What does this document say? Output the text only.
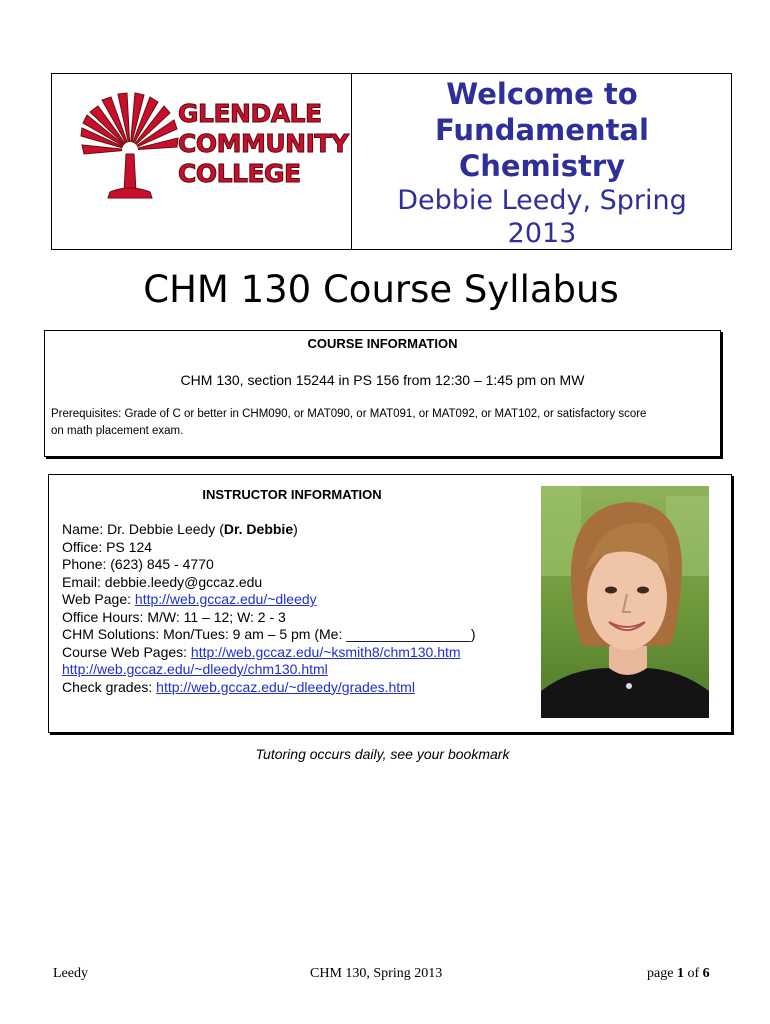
GLENDALE
COMMUNITY
COLLEGE
Welcome to
Fundamental
Chemistry
Debbie Leedy, Spring
2013
CHM 130 Course Syllabus
COURSE INFORMATION
CHM 130, section 15244 in PS 156 from 12:30 – 1:45 pm on MW
Prerequisites: Grade of C or better in CHM090, or MAT090, or MAT091, or MAT092, or MAT102, or satisfactory score
on math placement exam.
INSTRUCTOR INFORMATION
Name: Dr. Debbie Leedy (Dr. Debbie)
Office: PS 124
Phone: (623) 845 - 4770
Email: debbie.leedy@gccaz.edu
Web Page: http://web.gccaz.edu/~dleedy
Office Hours: M/W: 11 – 12; W: 2 - 3
CHM Solutions: Mon/Tues: 9 am – 5 pm (Me: ________________)
Course Web Pages: http://web.gccaz.edu/~ksmith8/chm130.htm
http://web.gccaz.edu/~dleedy/chm130.html
Check grades: http://web.gccaz.edu/~dleedy/grades.html
Tutoring occurs daily, see your bookmark
Leedy	CHM 130, Spring 2013	page 1 of 6
